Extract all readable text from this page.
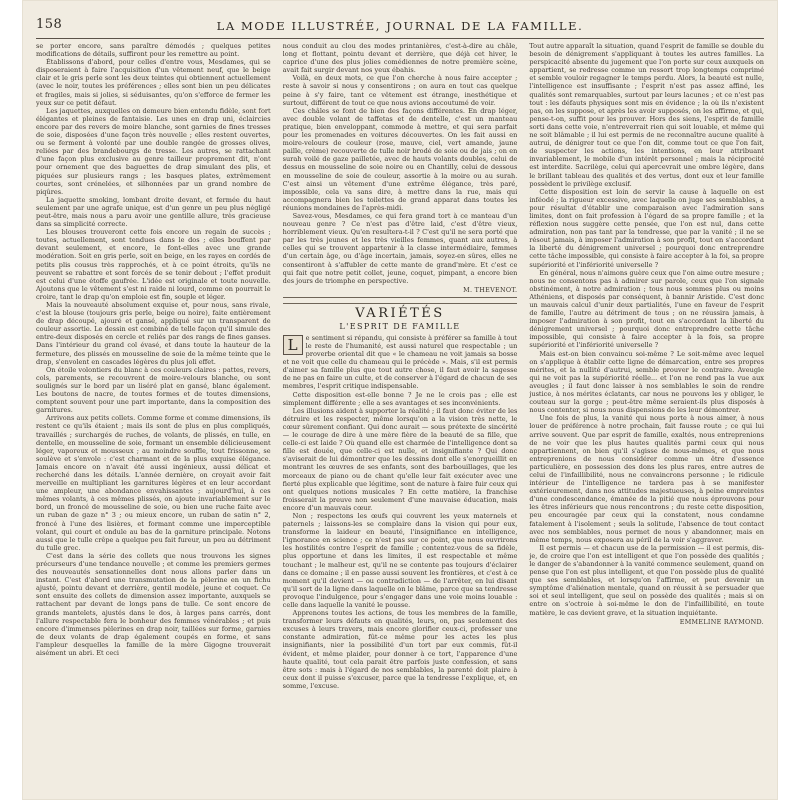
158	LA MODE ILLUSTRÉE, JOURNAL DE LA FAMILLE.

se porter encore, sans paraître démodés ; quelques petites modifications de détails, suffiront pour les remettre au point.

Établissons d'abord, pour celles d'entre vous, Mesdames, qui se disposeraient à faire l'acquisition d'un vêtement neuf, que le beige clair et le gris perle sont les deux teintes qui obtiennent actuellement (avec le noir, toutes les préférences ; elles sont bien un peu délicates et fragiles, mais si jolies, si séduisantes, qu'on s'efforce de fermer les yeux sur ce petit défaut.

Les jaquettes, auxquelles on demeure bien entendu fidèle, sont fort élégantes et pleines de fantaisie. Les unes en drap uni, éclaircies encore par des revers de moire blanche, sont garnies de fines tresses de soie, disposées d'une façon très nouvelle ; elles restent ouvertes, ou se ferment à volonté par une double rangée de grosses olives, reliées par des brandebourgs de tresse. Les autres, se rattachant d'une façon plus exclusive au genre tailleur proprement dit, n'ont pour ornement que des baguettes de drap simulant des plis, et piquées sur plusieurs rangs ; les basques plates, extrêmement courtes, sont crénelées, et silhonnées par un grand nombre de piqûres.

La jaquette smoking, lombant droite devant, et fermée du haut seulement par une agrafe unique, est d'un genre un peu plus négligé peut-être, mais nous a paru avoir une gentille allure, très gracieuse dans sa simplicité correcte.

Les blouses trouveront cette fois encore un regain de succès ; toutes, actuellement, sont tendues dans le dos ; elles bouffent par devant seulement, et encore, le font-elles avec une grande modération. Soit en gris perle, soit en beige, en les rayes en cordés de petits plis cousus très rapprochés, et à ce point étroits, qu'ils ne peuvent se rabattre et sont forcés de se tenir debout ; l'effet produit est celui d'une étoffe gaufrée. L'idée est originale et toute nouvelle. Ajoutons que le vêtement s'est ni raide ni lourd, comme on pourrait le croire, tant le drap qu'on emploie est fin, souple et léger.

Mais la nouveauté absolument exquise et, pour nous, sans rivale, c'est la blouse (toujours gris perle, beige ou noire), faite entièrement de drap découpé, ajouré et gansé, appliqué sur un transparent de couleur assortie. Le dessin est combiné de telle façon qu'il simule des entre-deux disposés en cercle et reliés par des rangs de fines ganses. Dans l'intérieur du grand col évasé, et dans toute la hauteur de la fermeture, des plissés en mousseline de soie de la même teinte que le drap, s'envolent en cascades légères du plus joli effet.

On étoile volontiers du blanc à ces couleurs claires : pattes, revers, cols, parements, se recouvrent de moire-velours blanche, ou sont soulignés sur le bord par un liséré plat en gansé, blanc également. Les boutons de nacre, de toutes formes et de toutes dimensions, comptent souvent pour une part importante, dans la composition des garnitures.

Arrivons aux petits collets. Comme forme et comme dimensions, ils restent ce qu'ils étaient ; mais ils sont de plus en plus compliqués, travaillés ; surchargés de ruches, de volants, de plissés, en tulle, en dentelle, en mousseline de soie, formant un ensemble délicieusement léger, vaporeux et mousseux ; au moindre souffle, tout frissonne, se soulève et s'envole : c'est charmant et de la plus exquise élégance. Jamais encore on n'avait été aussi ingénieux, aussi délicat et recherché dans les détails. L'année dernière, on croyait avoir fait merveille en multipliant les garnitures légères et en leur accordant une ampleur, une abondance envahissantes ; aujourd'hui, à ces mêmes volants, à ces mêmes plissés, on ajoute invariablement sur le bord, un froncé de mousseline de soie, ou bien une ruche faite avec un ruban de gaze n° 3 ; ou mieux encore, un ruban de satin n° 2, froncé à l'une des lisières, et formant comme une imperceptible volant, qui court et ondule au bas de la garniture principale. Notons aussi que le tulle crêpe a quelque peu fait fureur, un peu au détriment du tulle grec.

C'est dans la série des collets que nous trouvons les signes précurseurs d'une tendance nouvelle ; et comme les premiers germes des nouveautés sensationnelles dont nous allons parler dans un instant. C'est d'abord une transmutation de la pèlerine en un fichu ajusté, pointu devant et derrière, gentil modèle, jeune et coquet. Ce sont ensuite des collets de dimension assez importante, auxquels se rattachent par devant de longs pans de tulle. Ce sont encore de grands mantelets, ajustés dans le dos, à larges pans carrés, dont l'allure respectable fera le bonheur des femmes vénérables ; et puis encore d'immenses pèlerines en drap noir, taillées sur forme, garnies de deux volants de drap également coupés en forme, et sans l'ampleur desquelles la famille de la mère Gigogne trouverait aisément un abri. Et ceci

nous conduit au clou des modes printanières, c'est-à-dire au châle, long et flottant, pointu devant et derrière, que déjà cet hiver, le caprice d'une des plus jolies comédiennes de notre première scène, avait fait surgir devant nos yeux ébahis.

Voilà, en deux mots, ce que l'on cherche à nous faire accepter ; reste à savoir si nous y consentirons ; on aura en tout cas quelque peine à s'y faire, tant ce vêtement est étrange, inesthétique et surtout, différent de tout ce que nous avions accoutumé de voir.

Ces châles se font de bien des façons différentes. En drap léger, avec double volant de taffetas et de dentelle, c'est un manteau pratique, bien enveloppant, commode à mettre, et qui sera parfait pour les promenades en voitures découvertes. On les fait aussi en moire-velours de couleur (rose, mauve, ciel, vert amande, jaune paille, crème) recouverte de tulle noir brodé de soie ou de jais ; on en surah voilé de gaze pailletée, avec de hauts volants doubles, celui de dessus en mousseline de soie noire ou en Chantilly, celui de dessous en mousseline de soie de couleur, assortie à la moire ou au surah. C'est ainsi un vêtement d'une extrême élégance, très paré, impossible, cela va sans dire, à mettre dans la rue, mais qui accompagnera bien les toilettes de grand apparat dans toutes les réunions mondaines de l'après-midi.

Savez-vous, Mesdames, ce qui fera grand tort à ce manteau d'un nouveau genre ? Ce n'est pas d'être laid, c'est d'être vieux, horriblement vieux. Qu'en resultera-t-il ? C'est qu'il ne sera porté que par les très jeunes et les très vieilles femmes, quant aux autres, à celles qui se trouvent appartenir à la classe intermédiaire, femmes d'un certain âge, ou d'âge incertain, jamais, soyez-en sûres, elles ne consentiront à s'affubler de cette mante de grand'mère. Et c'est ce qui fait que notre petit collet, jeune, coquet, pimpant, a encore bien des jours de triomphe en perspective.

M. THEVENOT.
VARIÉTÉS
L'ESPRIT DE FAMILLE

L	e sentiment si répandu, qui consiste à préférer sa famille à tout le reste de l'humanité, est aussi naturel que respectable ; un proverbe oriental dit que « le chameau ne voit jamais sa bosse et ne voit que celle du chameau qui le précède ». Mais, s'il est permis d'aimer sa famille plus que tout autre chose, il faut avoir la sagesse de ne pas en faire un culte, et de conserver à l'égard de chacun de ses membres, l'esprit critique indispensable.

Cette disposition est-elle bonne ? Je ne le crois pas ; elle est simplement différente ; elle a ses avantages et ses inconvénients.

Les illusions aident à supporter la réalité ; il faut donc éviter de les détruire et les respecter, même lorsqu'on a la vision très nette, le cœur sûrement confiant. Qui donc aurait — sous prétexte de sincérité — le courage de dire à une mère fière de la beauté de sa fille, que celle-ci est laide ? Où quand elle est charmée de l'intelligence dont sa fille est douée, que celle-ci est nulle, et insignifiante ? Qui donc s'aviserait de lui démontrer que les dessins dont elle s'enorgueillit en montrant les œuvres de ses enfants, sont des barbouillages, que les morceaux de piano ou de chant qu'elle leur fait exécuter avec une fierté plus explicable que légitime, sont de nature à faire fuir ceux qui ont quelques notions musicales ? En cette matière, la franchise froisserait la preuve non seulement d'une mauvaise éducation, mais encore d'un mauvais cœur.

Non ; respectons les œufs qui couvrent les yeux maternels et paternels ; laissons-les se complaire dans la vision qui pour eux, transforme la laideur en beauté, l'insignifiance en intelligence, l'ignorance en science ; ce n'est pas sur ce point, que nous ouvrirons les hostilités contre l'esprit de famille ; contentez-vous de sa fidèle, plus opportune et dans les limites, il est respectable et même touchant ; le malheur est, qu'il ne se contente pas toujours d'éclairer dans ce domaine ; il en passe aussi souvent les frontières, et c'est à ce moment qu'il devient — ou contradiction — de l'arrêter, en lui disant qu'il sort de la ligne dans laquelle on le blâme, parce que sa tendresse provoque l'indulgence, pour s'engager dans une voie moins louable : celle dans laquelle la vanité le pousse.

Apprenons toutes les actions, de tous les membres de la famille, transformer leurs défauts en qualités, leurs, on, pas seulement des excuses à leurs travers, mais encore glorifier ceux-ci, professer une constante admiration, fût-ce même pour les actes les plus insignifiants, nier la possibilité d'un tort par eux commis, fût-il évident, et même plaider, pour donner à ce tort, l'apparence d'une haute qualité, tout cela parait être parfois juste confession, et sans être sots : mais à l'égard de nos semblables, la parenté doit plaire à ceux dont il puisse s'excuser, parce que la tendresse l'explique, et, en somme, l'excuse.

Tout autre apparaît la situation, quand l'esprit de famille se double du besoin de dénigrement s'appliquant à toutes les autres familles. La perspicacité absente du jugement que l'on porte sur ceux auxquels on appartient, se redresse comme un ressort trop longtemps comprimé et semble vouloir regagner le temps perdu. Alors, la beauté est nulle, l'intelligence est insuffisante ; l'esprit n'est pas assez affiné, les qualités sont remarquables, surtout par leurs lacunes ; et ce n'est pas tout : les défauts physiques sont mis en évidence ; la où ils n'existent pas, on les suppose, et après les avoir supposés, on les affirme, et qui, pense-t-on, suffit pour les prouver. Hors des siens, l'esprit de famille sorti dans cette voie, n'entreverrait rien qui soit louable, et même qui ne soit blâmable ; il lui est permis de ne reconnaître aucune qualité à autrui, de dénigrer tout ce que l'on dit, comme tout ce que l'on fait, de suspecter les actions, les intentions, en leur attribuant invariablement, le mobile d'un intérêt personnel ; mais la réciprocité est interdite. Sacrilège, celui qui apercevrait une ombre légère, dans le brillant tableau des qualités et des vertus, dont eux et leur famille possèdent le privilège exclusif.

Cette disposition est loin de servir la cause à laquelle on est inféodé ; la rigueur excessive, avec laquelle on juge ses semblables, a pour résultat d'établir une comparaison avec l'admiration sans limites, dont on fait profession à l'égard de sa propre famille ; et la réflexion nous suggère cette pensée, que l'on est nul, dans cette admiration, non pas tant par la tendresse, que par la vanité ; il ne se résout jamais, à imposer l'admiration à son profit, tout en s'accordant la liberté du dénigrement universel ; pourquoi donc entreprendre cette tâche impossible, qui consiste à faire accepter à la foi, sa propre supériorité et l'infériorité universelle ?

En général, nous n'aimons guère ceux que l'on aime outre mesure ; nous ne consentons pas à admirer sur parole, ceux que l'on signale obstinément, à notre admiration ; tous nous sommes plus ou moins Athéniens, et disposés par conséquent, à bannir Aristide. C'est donc un mauvais calcul d'unir deux partialités, l'une en faveur de l'esprit de famille, l'autre au détriment de tous ; on ne réussira jamais, à imposer l'admiration à son profit, tout en s'accordant la liberté du dénigrement universel ; pourquoi donc entreprendre cette tâche impossible, qui consiste à faire accepter à la fois, sa propre supériorité et l'infériorité universelle ?

Mais est-on bien convaincu soi-même ? Le soit-même avec lequel on s'applique à établir cette ligne de démarcation, entre ses propres mérites, et la nullité d'autrui, semble prouver le contraire. Aveugle qui ne voit pas la supériorité réelle... et l'on ne rend pas la vue aux aveugles ; il faut donc laisser à nos semblables le soin de rendre justice, à nos mérites éclatants, car nous ne pouvons les y obliger, le couteau sur la gorge ; peut-être même seraient-ils plus disposés à nous contenter, si nous nous dispensions de les leur démontrer.

Une fois de plus, la vanité qui nous porte à nous aimer, à nous louer de préférence à notre prochain, fait fausse route ; ce qui lui arrive souvent. Que par esprit de famille, exaltés, nous entreprenions de ne voir que les plus hautes qualités parmi ceux qui nous appartiennent, on bien qu'il s'agisse de nous-mêmes, et que nous entreprenions de nous considérer comme un être d'essence particulière, en possession des dons les plus rares, entre autres de celui de l'infaillibilité, nous ne convaincrons personne ; le ridicule intérieur de l'intelligence ne tardera pas à se manifester extérieurement, dans nos attitudes majestueuses, à peine empreintes d'une condescendance, émanée de la pitié que nous éprouvons pour les êtres inférieurs que nous rencontrons ; du reste cette disposition, peu encouragée par ceux qui la constatent, nous condamne fatalement à l'isolement ; seuls la solitude, l'absence de tout contact avec nos semblables, nous permet de nous y abandonner, mais en même temps, nous exposera au péril de la voir s'aggraver.

Il est permis — et chacun use de la permission — il est permis, dis-je, de croire que l'on est intelligent et que l'on possède des qualités ; le danger de s'abandonner à la vanité commence seulement, quand on pense que l'on est plus intelligent, et que l'on possède plus de qualité que ses semblables, et lorsqu'on l'affirme, et peut devenir un symptôme d'aliénation mentale, quand on réussit à se persuader que soi et seul intelligent, que seul on possède des qualités ; mais si on entre on s'octroie à soi-même le don de l'infaillibilité, en toute matière, le cas devient grave, et la situation inquiétante.

EMMELINE RAYMOND.
